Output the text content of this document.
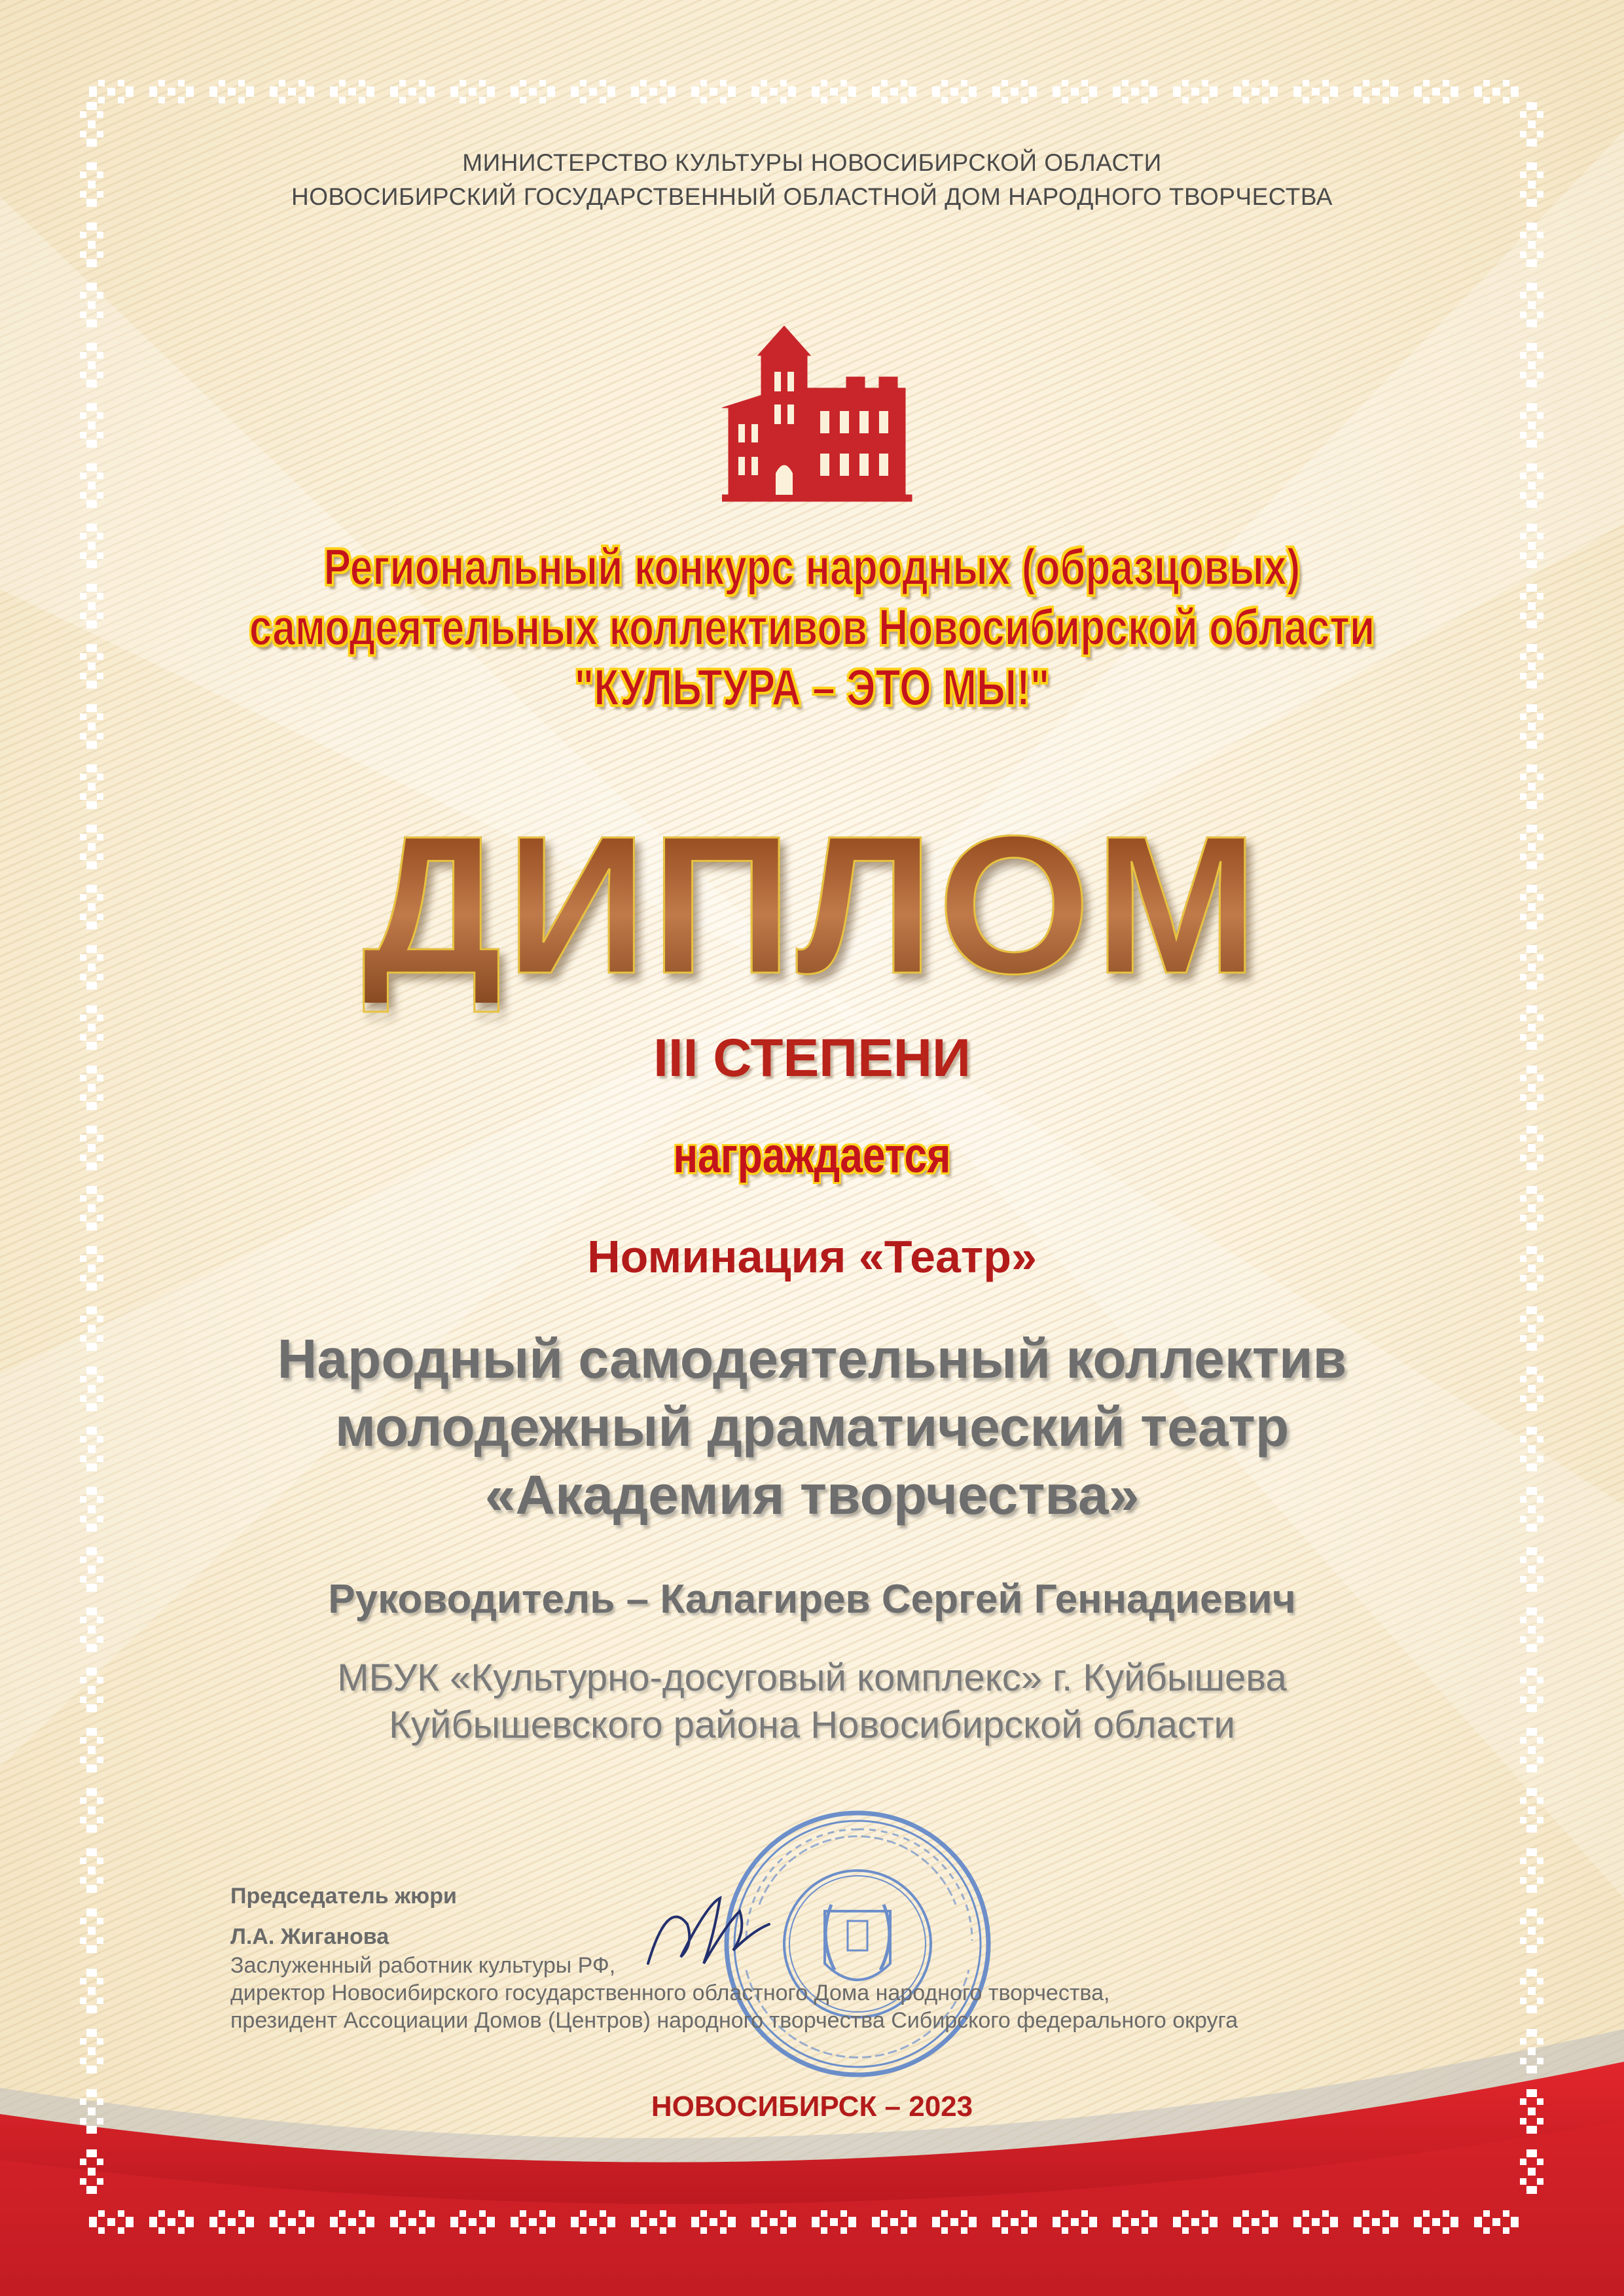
МИНИСТЕРСТВО КУЛЬТУРЫ НОВОСИБИРСКОЙ ОБЛАСТИ
НОВОСИБИРСКИЙ ГОСУДАРСТВЕННЫЙ ОБЛАСТНОЙ ДОМ НАРОДНОГО ТВОРЧЕСТВА
Региональный конкурс народных (образцовых)
самодеятельных коллективов Новосибирской области
"КУЛЬТУРА – ЭТО МЫ!"
ДИПЛОМ
III СТЕПЕНИ
награждается
Номинация «Театр»
Народный самодеятельный коллектив
молодежный драматический театр
«Академия творчества»
Руководитель – Калагирев Сергей Геннадиевич
МБУК «Культурно-досуговый комплекс» г. Куйбышева
Куйбышевского района Новосибирской области
Председатель жюри
Л.А. Жиганова
Заслуженный работник культуры РФ,
директор Новосибирского государственного областного Дома народного творчества,
президент Ассоциации Домов (Центров) народного творчества Сибирского федерального округа
НОВОСИБИРСК – 2023
